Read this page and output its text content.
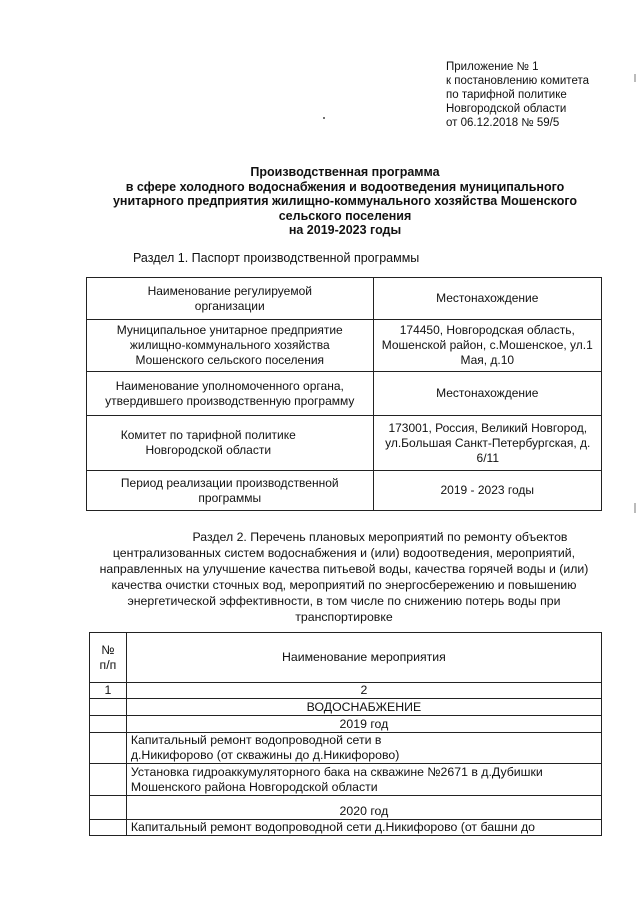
Приложение № 1
к постановлению комитета
по тарифной политике
Новгородской области
от 06.12.2018 № 59/5
Производственная программа
в сфере холодного водоснабжения и водоотведения муниципального
унитарного предприятия жилищно-коммунального хозяйства Мошенского
сельского поселения
на 2019-2023 годы
Раздел 1. Паспорт производственной программы
Наименование регулируемой организации	Местонахождение
Муниципальное унитарное предприятие жилищно-коммунального хозяйства Мошенского сельского поселения	174450, Новгородская область, Мошенской район, с.Мошенское, ул.1 Мая, д.10
Наименование уполномоченного органа, утвердившего производственную программу	Местонахождение
Комитет по тарифной политике Новгородской области	173001, Россия, Великий Новгород, ул.Большая Санкт-Петербургская, д. 6/11
Период реализации производственной программы	2019 - 2023 годы
Раздел 2. Перечень плановых мероприятий по ремонту объектов централизованных систем водоснабжения и (или) водоотведения, мероприятий, направленных на улучшение качества питьевой воды, качества горячей воды и (или) качества очистки сточных вод, мероприятий по энергосбережению и повышению энергетической эффективности, в том числе по снижению потерь воды при транспортировке
№ п/п	Наименование мероприятия
1	2
	ВОДОСНАБЖЕНИЕ
	2019 год
	Капитальный ремонт водопроводной сети в д.Никифорово (от скважины до д.Никифорово)
	Установка гидроаккумуляторного бака на скважине №2671 в д.Дубишки Мошенского района Новгородской области
	2020 год
	Капитальный ремонт водопроводной сети д.Никифорово (от башни до
